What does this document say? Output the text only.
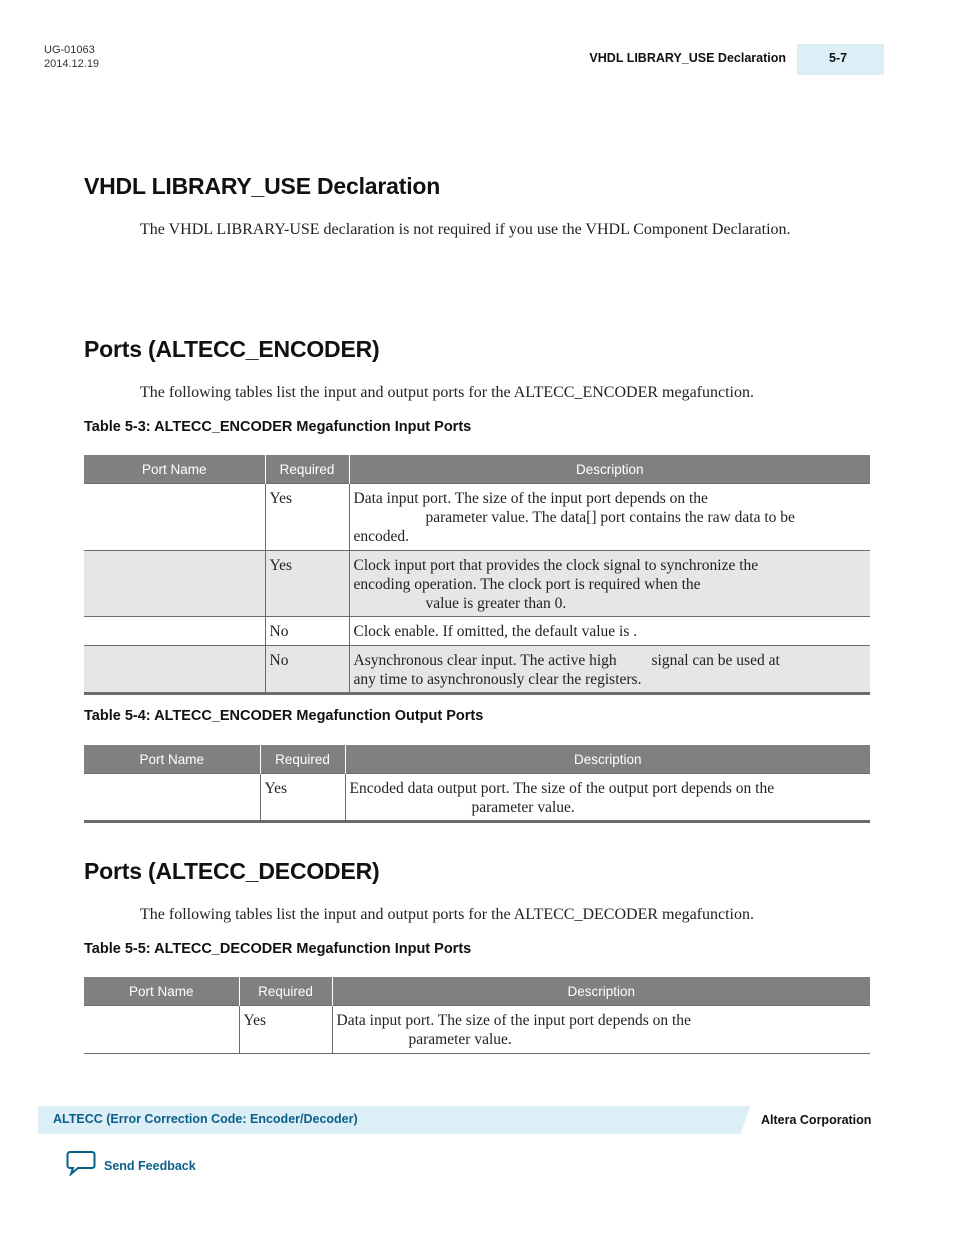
UG-01063
2014.12.19	VHDL LIBRARY_USE Declaration	5-7
VHDL LIBRARY_USE Declaration
The VHDL LIBRARY-USE declaration is not required if you use the VHDL Component Declaration.
Ports (ALTECC_ENCODER)
The following tables list the input and output ports for the ALTECC_ENCODER megafunction.
Table 5-3: ALTECC_ENCODER Megafunction Input Ports
Port Name	Required	Description
	Yes	Data input port. The size of the input port depends on the
parameter value. The data[] port contains the raw data to be
encoded.

	Yes	Clock input port that provides the clock signal to synchronize the
encoding operation. The clock port is required when the
value is greater than 0.

	No	Clock enable. If omitted, the default value is .

	No	Asynchronous clear input. The active high         signal can be used at
any time to asynchronously clear the registers.
Table 5-4: ALTECC_ENCODER Megafunction Output Ports
Port Name	Required	Description
	Yes	Encoded data output port. The size of the output port depends on the
parameter value.
Ports (ALTECC_DECODER)
The following tables list the input and output ports for the ALTECC_DECODER megafunction.
Table 5-5: ALTECC_DECODER Megafunction Input Ports
Port Name	Required	Description
	Yes	Data input port. The size of the input port depends on the
parameter value.
ALTECC (Error Correction Code: Encoder/Decoder)	Altera Corporation
Send Feedback
